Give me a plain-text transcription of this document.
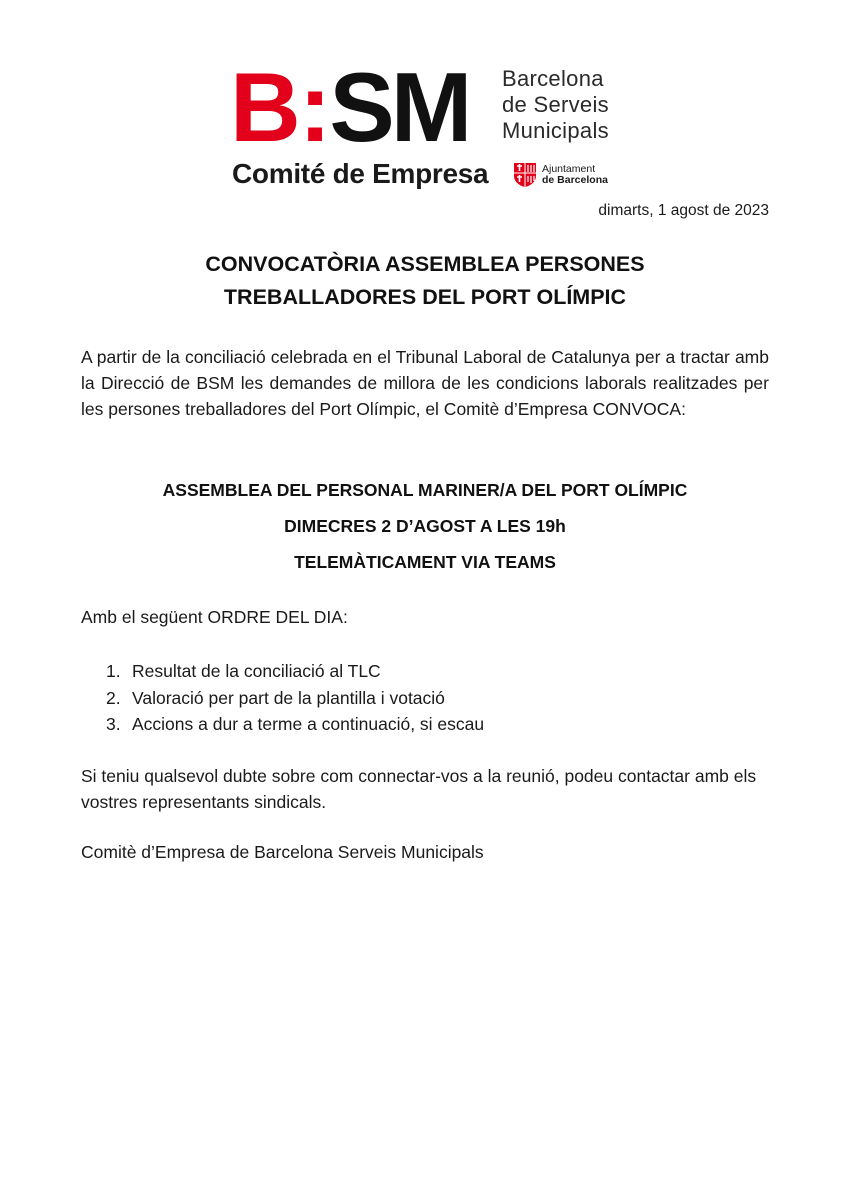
B:SM Barcelona
de Serveis
Municipals
Comité de Empresa	Ajuntament
de Barcelona
dimarts, 1 agost de 2023
CONVOCATÒRIA ASSEMBLEA PERSONES
TREBALLADORES DEL PORT OLÍMPIC
A partir de la conciliació celebrada en el Tribunal Laboral de Catalunya per a tractar amb la Direcció de BSM les demandes de millora de les condicions laborals realitzades per les persones treballadores del Port Olímpic, el Comitè d’Empresa CONVOCA:
ASSEMBLEA DEL PERSONAL MARINER/A DEL PORT OLÍMPIC
DIMECRES 2 D’AGOST A LES 19h
TELEMÀTICAMENT VIA TEAMS
Amb el següent ORDRE DEL DIA:
1. Resultat de la conciliació al TLC
2. Valoració per part de la plantilla i votació
3. Accions a dur a terme a continuació, si escau
Si teniu qualsevol dubte sobre com connectar-vos a la reunió, podeu contactar amb els vostres representants sindicals.
Comitè d’Empresa de Barcelona Serveis Municipals
